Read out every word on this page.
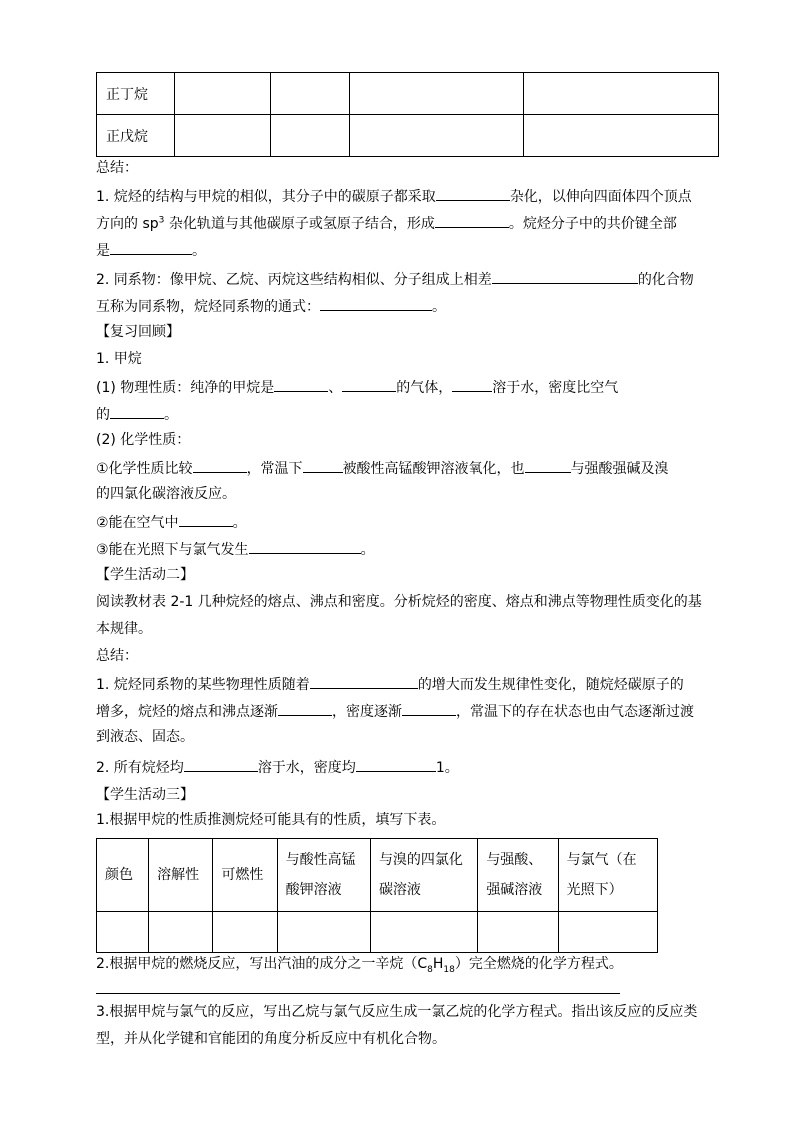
正丁烷				
正戊烷				
总结：
1. 烷烃的结构与甲烷的相似，其分子中的碳原子都采取	杂化，以伸向四面体四个顶点
方向的 $sp^3$ 杂化轨道与其他碳原子或氢原子结合，形成	。烷烃分子中的共价键全部
是	。
2. 同系物：像甲烷、乙烷、丙烷这些结构相似、分子组成上相差	的化合物
互称为同系物，烷烃同系物的通式：	。
【复习回顾】
1. 甲烷
(1) 物理性质：纯净的甲烷是	、	的气体，	溶于水，密度比空气
的	。
(2) 化学性质：
①化学性质比较	，常温下	被酸性高锰酸钾溶液氧化，也	与强酸强碱及溴
的四氯化碳溶液反应。
②能在空气中	。
③能在光照下与氯气发生	。
【学生活动二】
阅读教材表 2-1 几种烷烃的熔点、沸点和密度。分析烷烃的密度、熔点和沸点等物理性质变化的基
本规律。
总结：
1. 烷烃同系物的某些物理性质随着	的增大而发生规律性变化，随烷烃碳原子的
增多，烷烃的熔点和沸点逐渐	，密度逐渐	，常温下的存在状态也由气态逐渐过渡
到液态、固态。
2. 所有烷烃均	溶于水，密度均	1。
【学生活动三】
1.根据甲烷的性质推测烷烃可能具有的性质，填写下表。
颜色	溶解性	可燃性	与酸性高锰酸钾溶液	与溴的四氯化碳溶液	与强酸、强碱溶液	与氯气（在光照下）

2.根据甲烷的燃烧反应，写出汽油的成分之一辛烷$(C_8H_{18})$完全燃烧的化学方程式。
3.根据甲烷与氯气的反应，写出乙烷与氯气反应生成一氯乙烷的化学方程式。指出该反应的反应类
型，并从化学键和官能团的角度分析反应中有机化合物。
